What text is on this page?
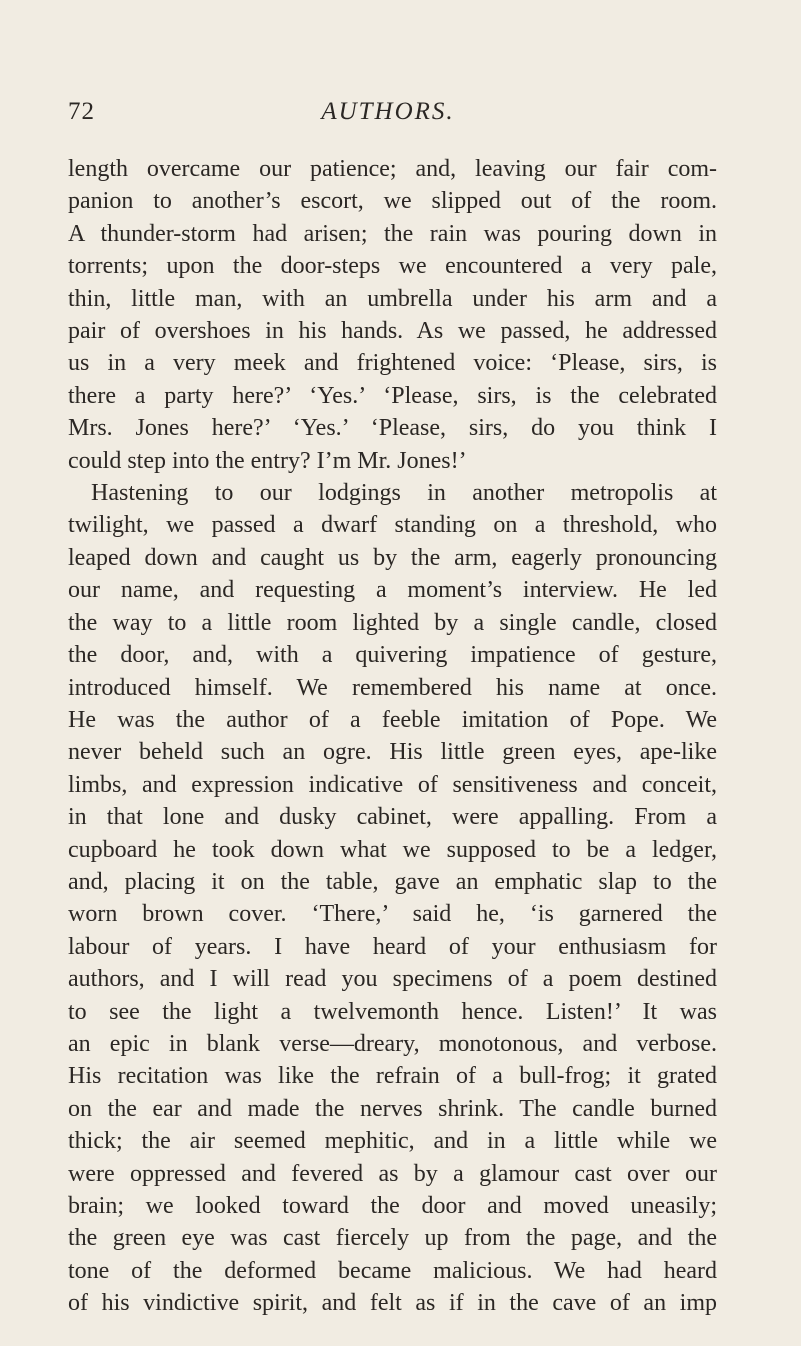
72	AUTHORS.
length overcame our patience; and, leaving our fair com-
panion to another’s escort, we slipped out of the room.
A thunder-storm had arisen; the rain was pouring down in
torrents; upon the door-steps we encountered a very pale,
thin, little man, with an umbrella under his arm and a
pair of overshoes in his hands. As we passed, he addressed
us in a very meek and frightened voice: ‘Please, sirs, is
there a party here?’ ‘Yes.’ ‘Please, sirs, is the celebrated
Mrs. Jones here?’ ‘Yes.’ ‘Please, sirs, do you think I
could step into the entry? I’m Mr. Jones!’
Hastening to our lodgings in another metropolis at
twilight, we passed a dwarf standing on a threshold, who
leaped down and caught us by the arm, eagerly pronouncing
our name, and requesting a moment’s interview. He led
the way to a little room lighted by a single candle, closed
the door, and, with a quivering impatience of gesture,
introduced himself. We remembered his name at once.
He was the author of a feeble imitation of Pope. We
never beheld such an ogre. His little green eyes, ape-like
limbs, and expression indicative of sensitiveness and conceit,
in that lone and dusky cabinet, were appalling. From a
cupboard he took down what we supposed to be a ledger,
and, placing it on the table, gave an emphatic slap to the
worn brown cover. ‘There,’ said he, ‘is garnered the
labour of years. I have heard of your enthusiasm for
authors, and I will read you specimens of a poem destined
to see the light a twelvemonth hence. Listen!’ It was
an epic in blank verse—dreary, monotonous, and verbose.
His recitation was like the refrain of a bull-frog; it grated
on the ear and made the nerves shrink. The candle burned
thick; the air seemed mephitic, and in a little while we
were oppressed and fevered as by a glamour cast over our
brain; we looked toward the door and moved uneasily;
the green eye was cast fiercely up from the page, and the
tone of the deformed became malicious. We had heard
of his vindictive spirit, and felt as if in the cave of an imp
